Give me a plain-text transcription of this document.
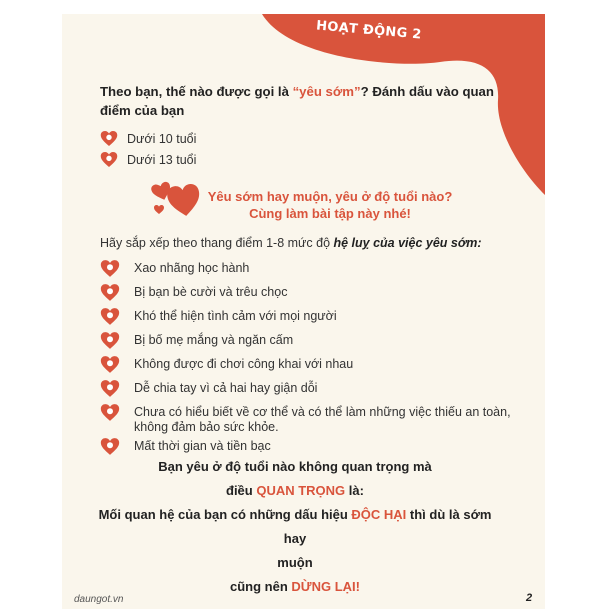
HOẠT ĐỘNG 2
Theo bạn, thế nào được gọi là “yêu sớm”? Đánh dấu vào quan điểm của bạn
Dưới 10 tuổi
Dưới 13 tuổi
Yêu sớm hay muộn, yêu ở độ tuổi nào?
Cùng làm bài tập này nhé!
Hãy sắp xếp theo thang điểm 1-8 mức độ hệ luỵ của việc yêu sớm:
Xao nhãng học hành
Bị bạn bè cười và trêu chọc
Khó thể hiện tình cảm với mọi người
Bị bố mẹ mắng và ngăn cấm
Không được đi chơi công khai với nhau
Dễ chia tay vì cả hai hay giận dỗi
Chưa có hiểu biết về cơ thể và có thể làm những việc thiếu an toàn, không đảm bảo sức khỏe.
Mất thời gian và tiền bạc
Bạn yêu ở độ tuổi nào không quan trọng mà
điều QUAN TRỌNG là:
Mối quan hệ của bạn có những dấu hiệu ĐỘC HẠI thì dù là sớm hay
muộn
cũng nên DỪNG LẠI!
daungot.vn	2
